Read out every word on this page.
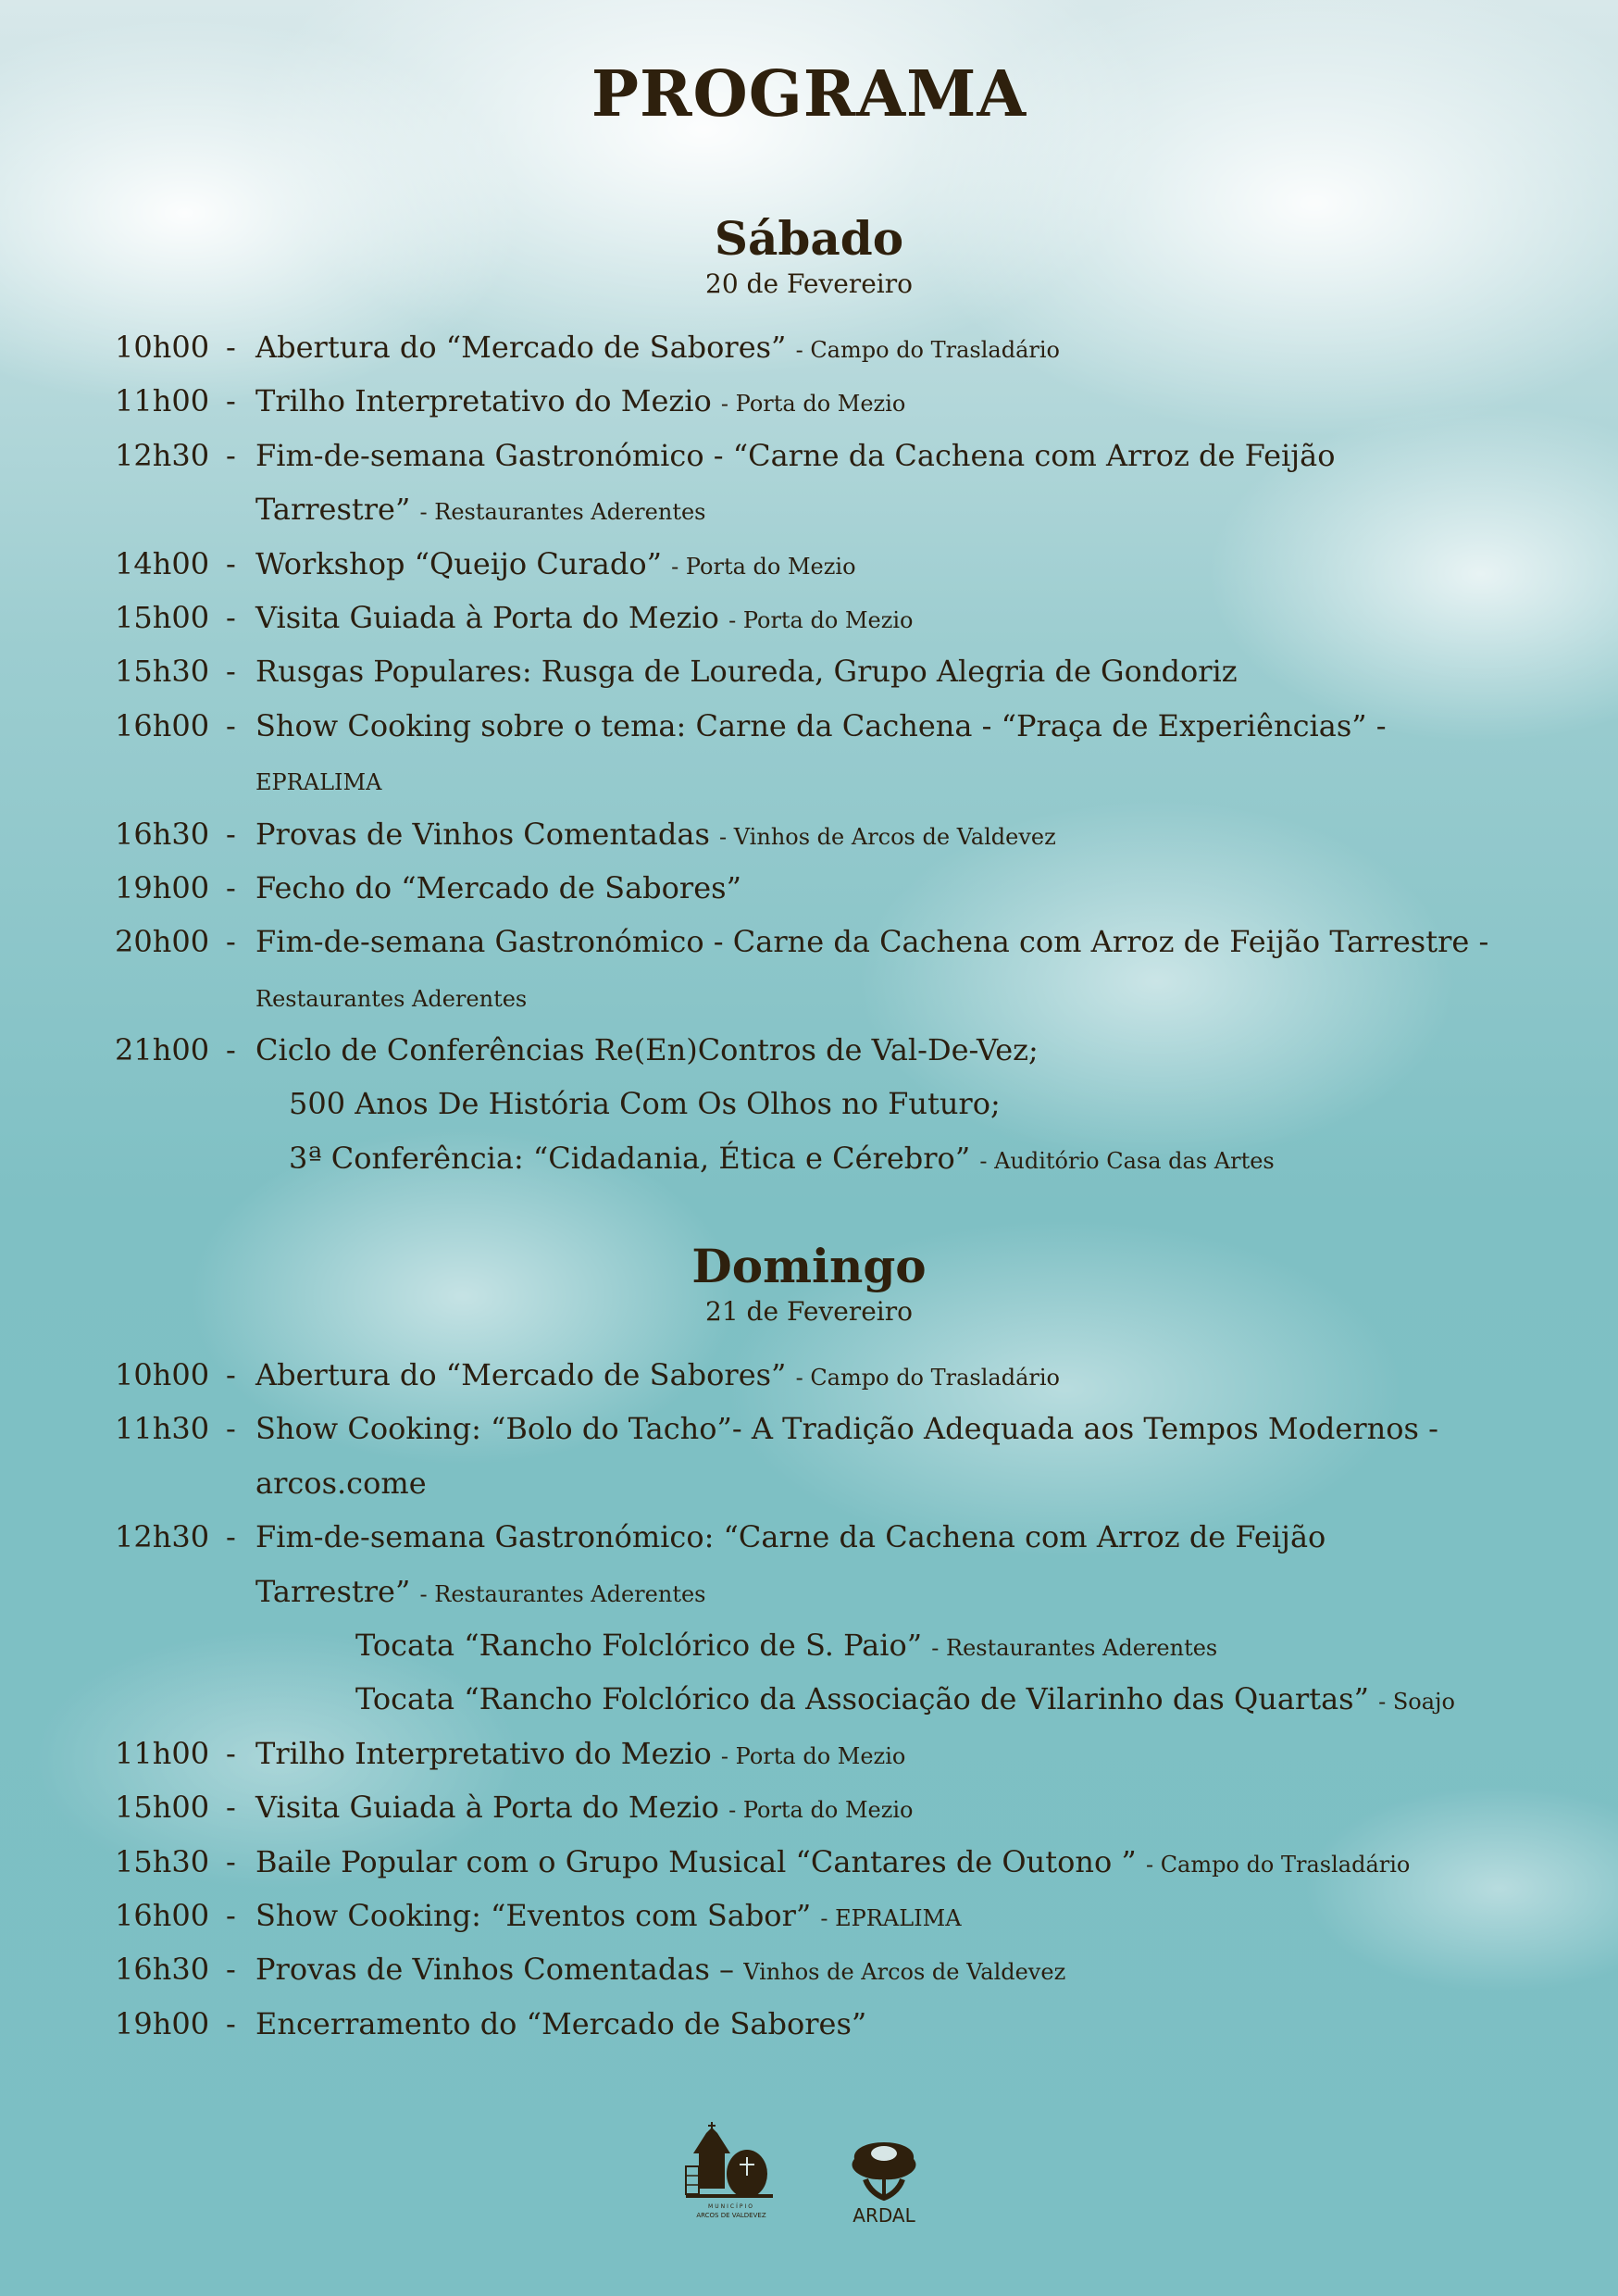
PROGRAMA
Sábado
20 de Fevereiro
10h00 - Abertura do “Mercado de Sabores” - Campo do Trasladário
11h00 - Trilho Interpretativo do Mezio - Porta do Mezio
12h30 - Fim-de-semana Gastronómico - “Carne da Cachena com Arroz de Feijão
Tarrestre” - Restaurantes Aderentes
14h00 - Workshop “Queijo Curado” - Porta do Mezio
15h00 - Visita Guiada à Porta do Mezio - Porta do Mezio
15h30 - Rusgas Populares: Rusga de Loureda, Grupo Alegria de Gondoriz
16h00 - Show Cooking sobre o tema: Carne da Cachena - “Praça de Experiências” -
EPRALIMA
16h30 - Provas de Vinhos Comentadas - Vinhos de Arcos de Valdevez
19h00 - Fecho do “Mercado de Sabores”
20h00 - Fim-de-semana Gastronómico - Carne da Cachena com Arroz de Feijão Tarrestre -
Restaurantes Aderentes
21h00 - Ciclo de Conferências Re(En)Contros de Val-De-Vez;
500 Anos De História Com Os Olhos no Futuro;
3ª Conferência: “Cidadania, Ética e Cérebro” - Auditório Casa das Artes
Domingo
21 de Fevereiro
10h00 - Abertura do “Mercado de Sabores” - Campo do Trasladário
11h30 - Show Cooking: “Bolo do Tacho”- A Tradição Adequada aos Tempos Modernos -
arcos.come
12h30 - Fim-de-semana Gastronómico: “Carne da Cachena com Arroz de Feijão
Tarrestre” - Restaurantes Aderentes
Tocata “Rancho Folclórico de S. Paio” - Restaurantes Aderentes
Tocata “Rancho Folclórico da Associação de Vilarinho das Quartas” - Soajo
11h00 - Trilho Interpretativo do Mezio - Porta do Mezio
15h00 - Visita Guiada à Porta do Mezio - Porta do Mezio
15h30 - Baile Popular com o Grupo Musical “Cantares de Outono ” - Campo do Trasladário
16h00 - Show Cooking: “Eventos com Sabor” - EPRALIMA
16h30 - Provas de Vinhos Comentadas – Vinhos de Arcos de Valdevez
19h00 - Encerramento do “Mercado de Sabores”
MUNICÍPIO
ARCOS DE VALDEVEZ	ARDAL
